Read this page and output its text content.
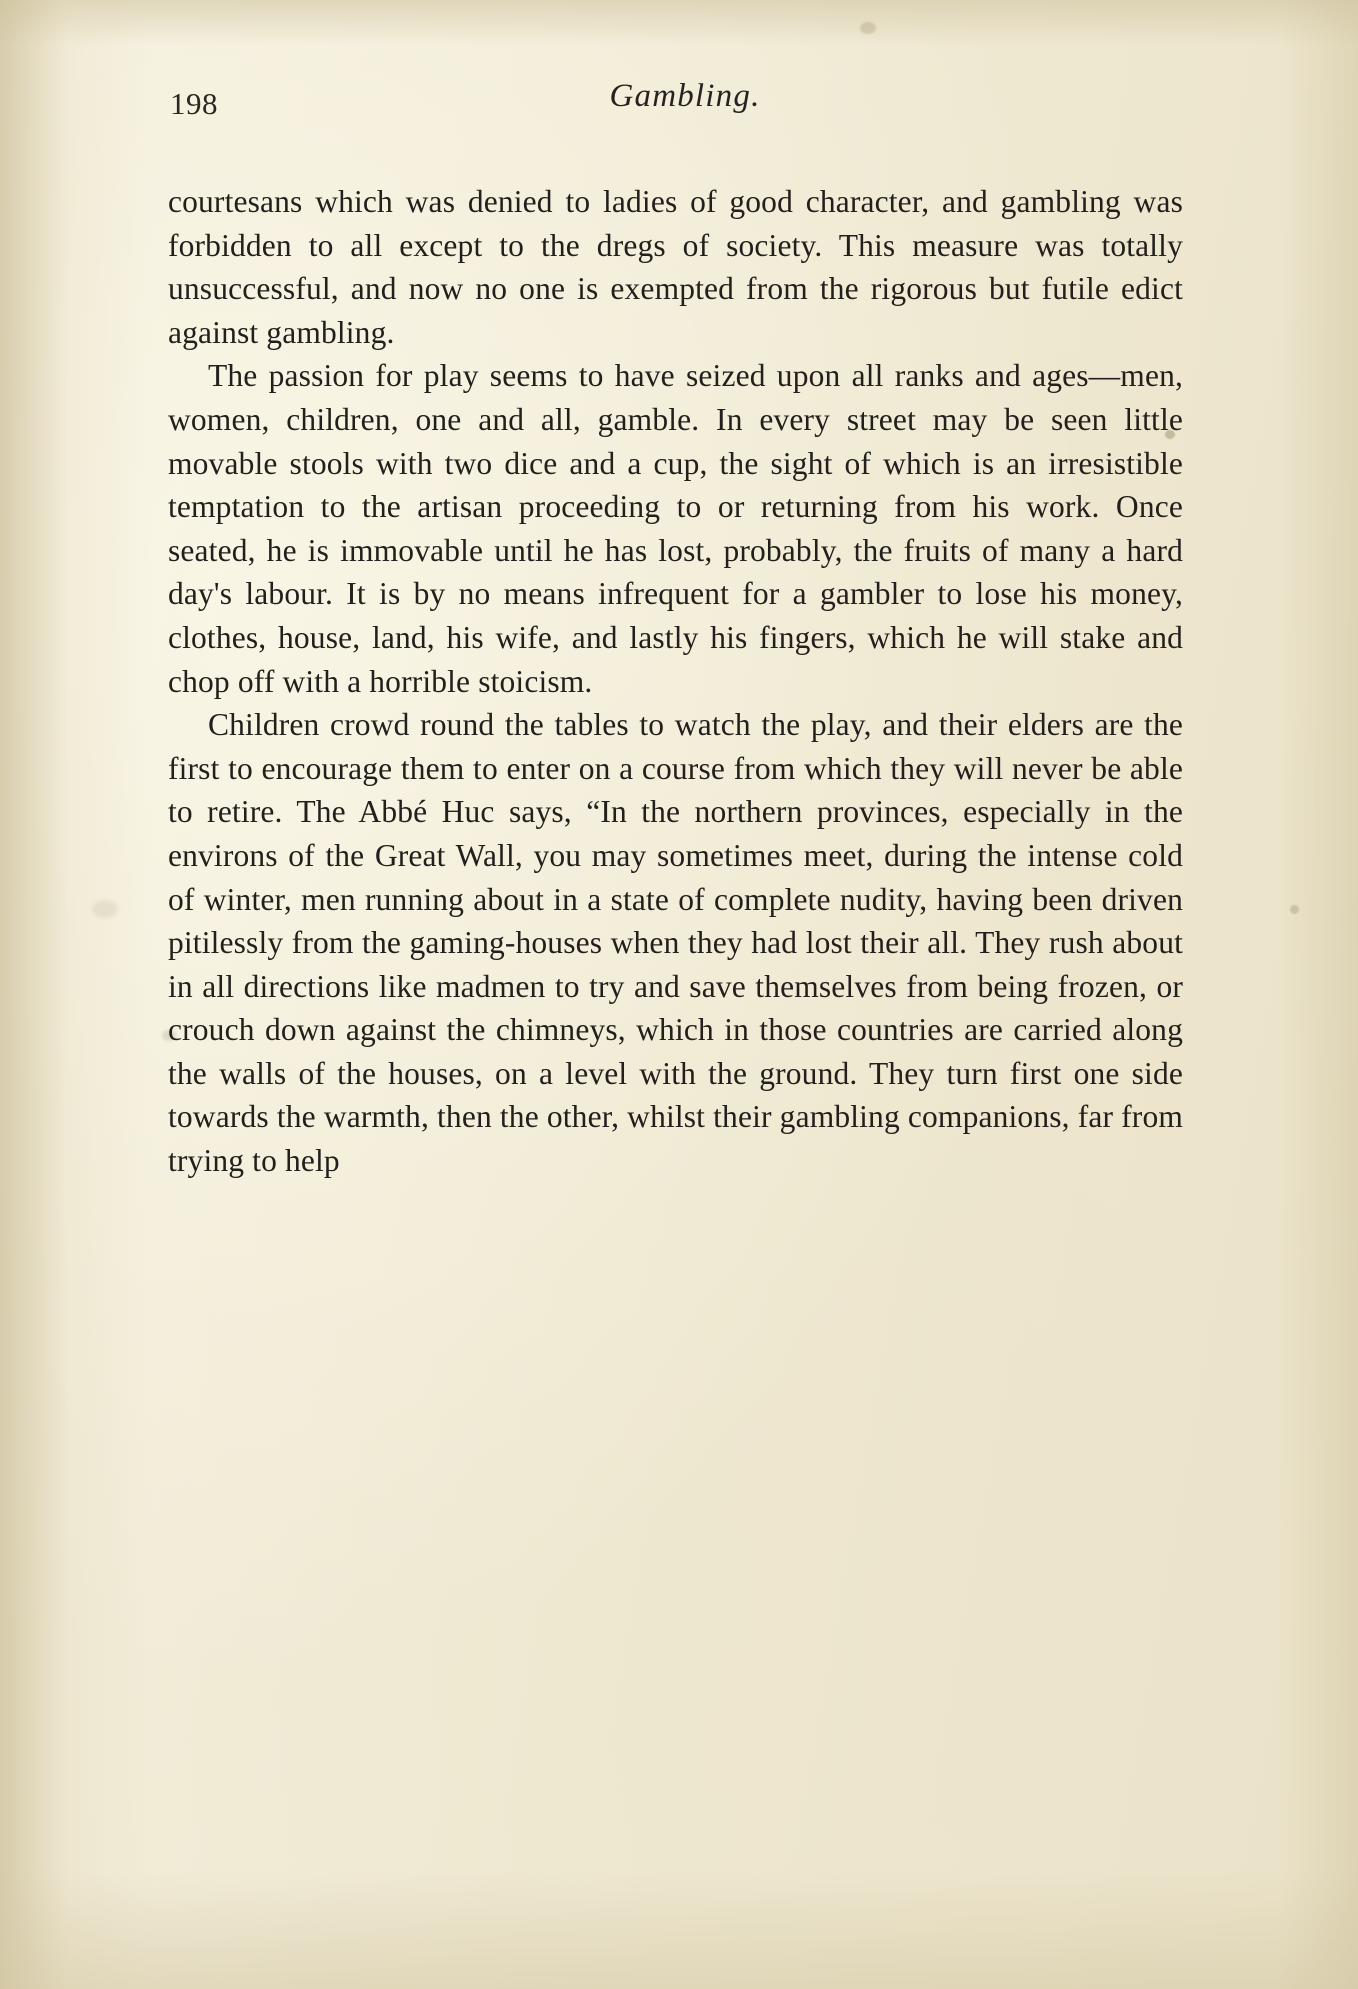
198	Gambling.

courtesans which was denied to ladies of good character, and gambling was forbidden to all except to the dregs of society. This measure was totally unsuccessful, and now no one is exempted from the rigorous but futile edict against gambling.

The passion for play seems to have seized upon all ranks and ages—men, women, children, one and all, gamble. In every street may be seen little movable stools with two dice and a cup, the sight of which is an irresistible temptation to the artisan proceeding to or returning from his work. Once seated, he is immovable until he has lost, probably, the fruits of many a hard day's labour. It is by no means infrequent for a gambler to lose his money, clothes, house, land, his wife, and lastly his fingers, which he will stake and chop off with a horrible stoicism.

Children crowd round the tables to watch the play, and their elders are the first to encourage them to enter on a course from which they will never be able to retire. The Abbé Huc says, “In the northern provinces, especially in the environs of the Great Wall, you may sometimes meet, during the intense cold of winter, men running about in a state of complete nudity, having been driven pitilessly from the gaming-houses when they had lost their all. They rush about in all directions like madmen to try and save themselves from being frozen, or crouch down against the chimneys, which in those countries are carried along the walls of the houses, on a level with the ground. They turn first one side towards the warmth, then the other, whilst their gambling companions, far from trying to help
